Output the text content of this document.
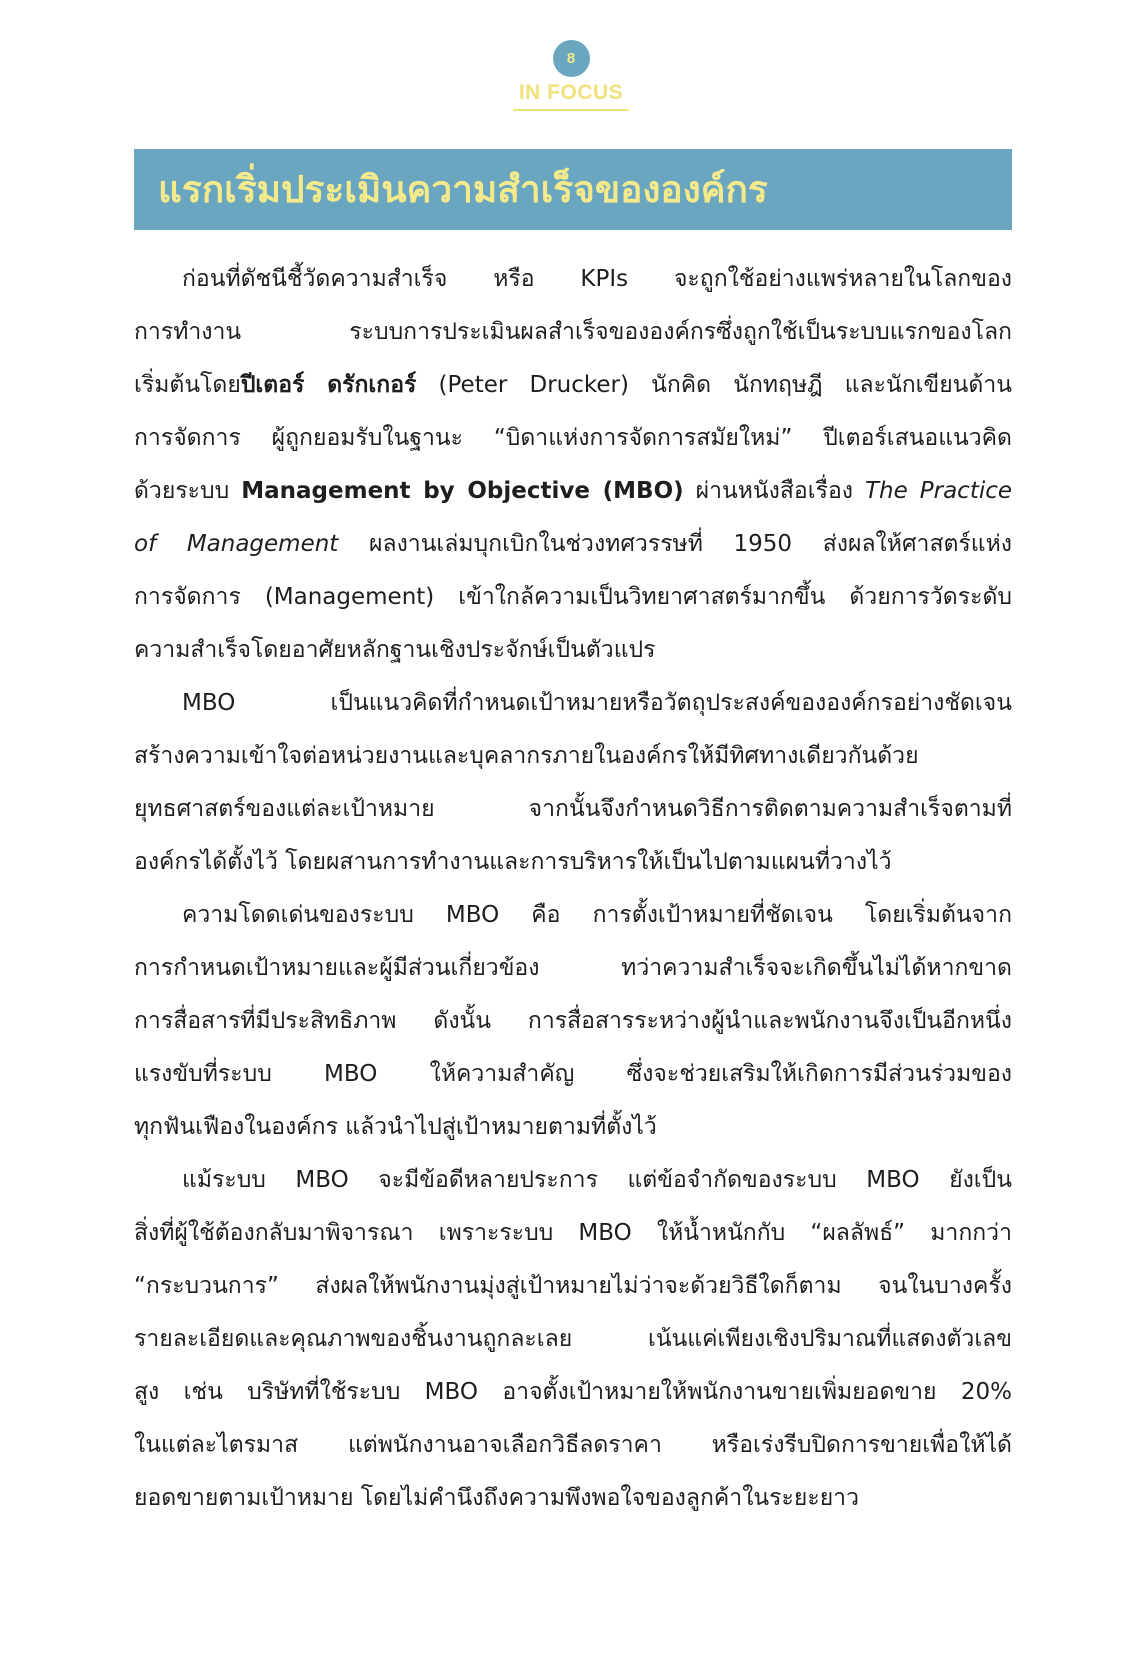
8
IN FOCUS
แรกเริ่มประเมินความสำเร็จขององค์กร
ก่อนที่ดัชนีชี้วัดความสำเร็จ หรือ KPIs จะถูกใช้อย่างแพร่หลายในโลกของ
การทำงาน ระบบการประเมินผลสำเร็จขององค์กรซึ่งถูกใช้เป็นระบบแรกของโลก
เริ่มต้นโดยปีเตอร์ ดรักเกอร์ (Peter Drucker) นักคิด นักทฤษฎี และนักเขียนด้าน
การจัดการ ผู้ถูกยอมรับในฐานะ “บิดาแห่งการจัดการสมัยใหม่” ปีเตอร์เสนอแนวคิด
ด้วยระบบ Management by Objective (MBO) ผ่านหนังสือเรื่อง The Practice
of Management ผลงานเล่มบุกเบิกในช่วงทศวรรษที่ 1950 ส่งผลให้ศาสตร์แห่ง
การจัดการ (Management) เข้าใกล้ความเป็นวิทยาศาสตร์มากขึ้น ด้วยการวัดระดับ
ความสำเร็จโดยอาศัยหลักฐานเชิงประจักษ์เป็นตัวแปร
MBO เป็นแนวคิดที่กำหนดเป้าหมายหรือวัตถุประสงค์ขององค์กรอย่างชัดเจน
สร้างความเข้าใจต่อหน่วยงานและบุคลากรภายในองค์กรให้มีทิศทางเดียวกันด้วย
ยุทธศาสตร์ของแต่ละเป้าหมาย จากนั้นจึงกำหนดวิธีการติดตามความสำเร็จตามที่
องค์กรได้ตั้งไว้ โดยผสานการทำงานและการบริหารให้เป็นไปตามแผนที่วางไว้
ความโดดเด่นของระบบ MBO คือ การตั้งเป้าหมายที่ชัดเจน โดยเริ่มต้นจาก
การกำหนดเป้าหมายและผู้มีส่วนเกี่ยวข้อง ทว่าความสำเร็จจะเกิดขึ้นไม่ได้หากขาด
การสื่อสารที่มีประสิทธิภาพ ดังนั้น การสื่อสารระหว่างผู้นำและพนักงานจึงเป็นอีกหนึ่ง
แรงขับที่ระบบ MBO ให้ความสำคัญ ซึ่งจะช่วยเสริมให้เกิดการมีส่วนร่วมของ
ทุกฟันเฟืองในองค์กร แล้วนำไปสู่เป้าหมายตามที่ตั้งไว้
แม้ระบบ MBO จะมีข้อดีหลายประการ แต่ข้อจำกัดของระบบ MBO ยังเป็น
สิ่งที่ผู้ใช้ต้องกลับมาพิจารณา เพราะระบบ MBO ให้น้ำหนักกับ “ผลลัพธ์” มากกว่า
“กระบวนการ” ส่งผลให้พนักงานมุ่งสู่เป้าหมายไม่ว่าจะด้วยวิธีใดก็ตาม จนในบางครั้ง
รายละเอียดและคุณภาพของชิ้นงานถูกละเลย เน้นแค่เพียงเชิงปริมาณที่แสดงตัวเลข
สูง เช่น บริษัทที่ใช้ระบบ MBO อาจตั้งเป้าหมายให้พนักงานขายเพิ่มยอดขาย 20%
ในแต่ละไตรมาส แต่พนักงานอาจเลือกวิธีลดราคา หรือเร่งรีบปิดการขายเพื่อให้ได้
ยอดขายตามเป้าหมาย โดยไม่คำนึงถึงความพึงพอใจของลูกค้าในระยะยาว
